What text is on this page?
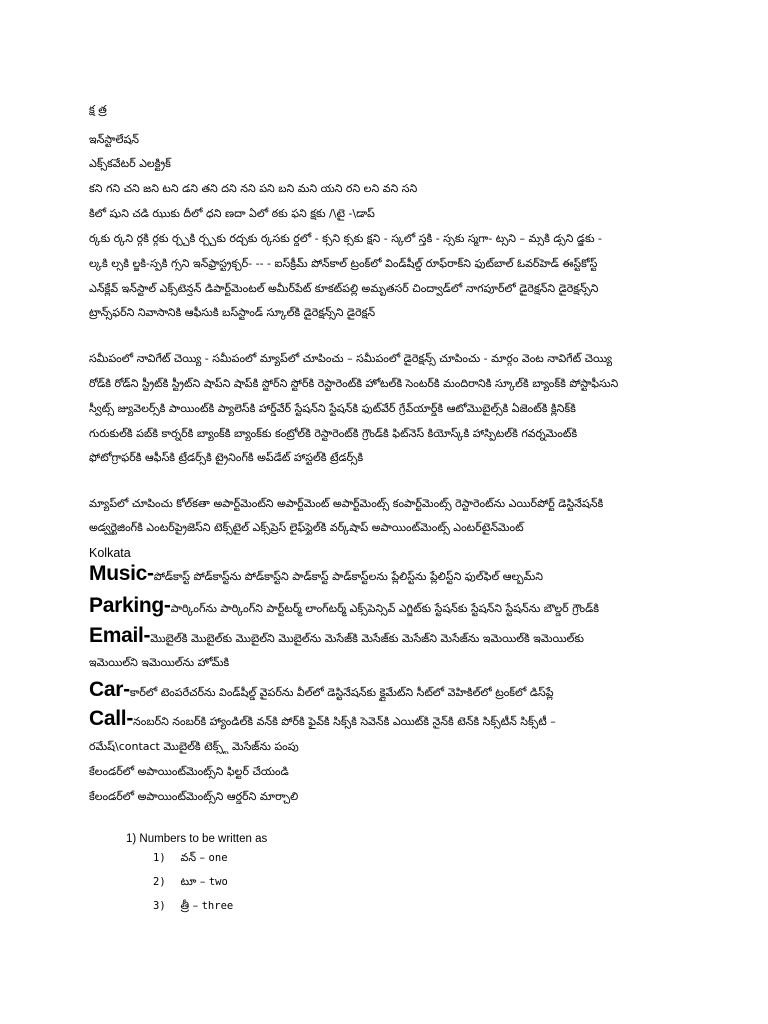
క్ష త్ర
ఇన్‌స్టాలేషన్
ఎక్స్‌కవేటర్ ఎలక్ట్రిక్
కని గని చని జని టని డని తని దని నని పని బని మని యని రని లని వని సని
కిలో షుని చడి ఝుకు దీలో ధని ణదా ఏలో ఠకు ఫని క్షకు /\టై -\డాప్
ర్కకు ర్కని ర్గకి ర్గకు ర్చ్చకి ర్చ్చకు రద్చకు ర్కసకు ర్దలో - క్సని క్సకు క్షని - స్కలో స్తకి - స్సకు స్మగా- ట్సని – మ్సకి డ్సని డ్జకు -
ల్కకి ల్సకి ల్జకి-స్పకి గ్సని ఇన్‌ఫ్రాస్ట్రక్చర్- -- - ఐస్‌క్రీమ్ పోన్‌కాల్ ట్రంక్‌లో విండ్‌షీల్డ్ రూఫ్‌రాక్‌ని ఫుట్‌బాల్ ఓవర్‌హెడ్ ఈస్ట్‌కోస్ట్
ఎన్‌క్లేవ్ ఇన్‌స్టాల్ ఎక్స్‌టెన్షన్ డిపార్ట్‌మెంటల్ అమీర్‌పేట్ కూకట్‌పల్లి అమృతసర్ చింద్వాడ్‌లో నాగపూర్‌లో డైరెక్షన్‌ని డైరెక్షన్స్‌ని
ట్రాన్స్‌ఫర్‌ని నివాసానికి ఆఫీసుకి బస్‌స్టాండ్ స్కూల్‌కి డైరెక్షన్స్‌ని డైరెక్షన్
సమీపంలో నావిగేట్ చెయ్యి - సమీపంలో మ్యాప్‌లో చూపించు – సమీపంలో డైరెక్షన్స్ చూపించు - మార్గం వెంట నావిగేట్ చెయ్యి
రోడ్‌కి రోడ్‌ని స్ట్రీట్‌కి స్ట్రీట్‌ని షాప్‌ని షాప్‌కి స్టోర్‌ని స్టోర్‌కి రెస్టారెంట్‌కి హోటల్‌కి సెంటర్‌కి మందిరానికి స్కూల్‌కి బ్యాంక్‌కి పోస్టాఫీసుని
స్వీట్స్ జ్యువెలర్స్‌కి పాయింట్‌కి ప్యాలెస్‌కి హార్డ్‌వేర్ స్టేషన్‌ని స్టేషన్‌కి ఫుట్‌వేర్ గ్రేవ్‌యార్డ్‌కి ఆటోమొబైల్స్‌కి ఏజెంట్‌కి క్లినిక్‌కి
గురుకుల్‌కి పబ్‌కి కార్నర్‌కి బ్యాంక్‌కి బ్యాంక్‌కు కంట్రోల్‌కి రెస్టారెంట్‌కి గ్రౌండ్‌కి ఫిట్‌నెస్ కియోస్క్‌కి హాస్పిటల్‌కి గవర్నమెంట్‌కి
ఫోటోగ్రాఫర్‌కి ఆఫీస్‌కి ట్రేడర్స్‌కి ట్రైనింగ్‌కి అప్‌డేట్ హాస్టల్‌కి ట్రేడర్స్‌కి
మ్యాప్‌లో చూపించు కోల్‌కతా అపార్ట్‌మెంట్‌ని అపార్ట్‌మెంట్ అపార్ట్‌మెంట్స్ కంపార్ట్‌మెంట్స్ రెస్టారెంట్‌ను ఎయిర్‌పోర్ట్ డెస్టినేషన్‌కి
అడ్వర్టైజింగ్‌కి ఎంటర్‌ప్రైజెస్‌ని టెక్స్‌టైల్ ఎక్స్‌ప్రెస్ లైఫ్‌స్టైల్‌కి వర్క్‌షాప్ అపాయింట్‌మెంట్స్ ఎంటర్‌టైన్‌మెంట్
Kolkata
Music-పోడ్‌కాస్ట్ పోడ్‌కాస్ట్‌ను పోడ్‌కాస్ట్‌ని పాడ్‌కాస్ట్ పాడ్‌కాస్ట్‌లను ప్లేలిస్ట్‌ను ప్లేలిస్ట్‌ని ఫుల్‌ఫిల్ ఆల్బమ్‌ని
Parking-పార్కింగ్‌ను పార్కింగ్‌ని పార్ట్‌టర్మ్ లాంగ్‌టర్మ్ ఎక్స్‌పెన్సివ్ ఎగ్జిట్‌కు స్టేషన్‌కు స్టేషన్‌ని స్టేషన్‌ను బౌల్డర్ గ్రౌండ్‌కి
Email-మొబైల్‌కి మొబైల్‌కు మొబైల్‌ని మొబైల్‌ను మెసేజ్‌కి మెసేజ్‌కు మెసేజ్‌ని మెసేజ్‌ను ఇమెయిల్‌కి ఇమెయిల్‌కు
ఇమెయిల్‌ని ఇమెయిల్‌ను హోమ్‌కి
Car-కార్‌లో టెంపరేచర్‌ను విండ్‌షీల్డ్ వైపర్‌ను వీల్‌లో డెస్టినేషన్‌కు క్లైమేట్‌ని సీట్‌లో వెహికిల్‌లో ట్రంక్‌లో డిస్‌ప్లే
Call-నంబర్‌ని నంబర్‌కి హ్యాండిల్‌కి వన్‌కి పోర్‌కి ఫైవ్‌కి సిక్స్‌కి సెవెన్‌కి ఎయిట్‌కి నైన్‌కి టెన్‌కి సిక్స్‌టీన్ సిక్స్‌టీ –
రమేష్\contact మొబైల్‌కి టెక్స్ట్ మెసేజ్‌ను పంపు
కేలండర్‌లో అపాయింట్‌మెంట్స్‌ని ఫిల్టర్ చేయండి
కేలండర్‌లో అపాయింట్‌మెంట్స్‌ని ఆర్డర్‌ని మార్చాలి
1) Numbers to be written as
1) వన్ – one
2) టూ – two
3) త్రీ – three
